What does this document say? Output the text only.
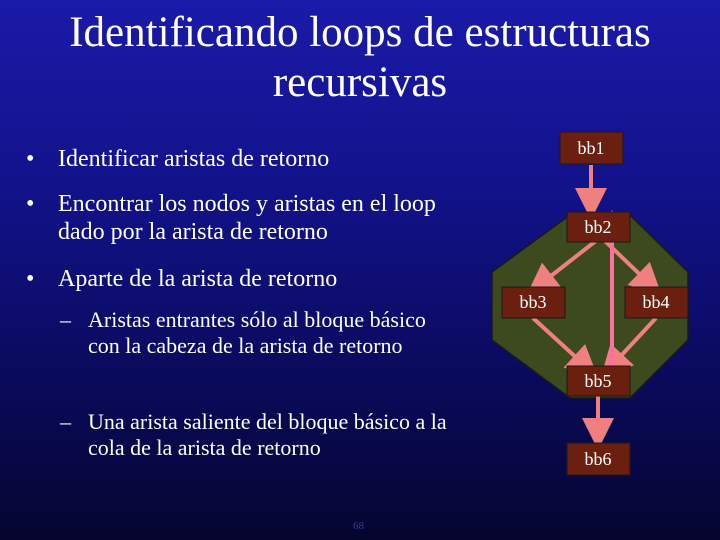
Identificando loops de estructuras
recursivas
• Identificar aristas de retorno
• Encontrar los nodos y aristas en el loop dado por la arista de retorno
• Aparte de la arista de retorno
– Aristas entrantes sólo al bloque básico con la cabeza de la arista de retorno
– Una arista saliente del bloque básico a la cola de la arista de retorno
bb1
bb2
bb3	bb4
bb5
bb6
68
